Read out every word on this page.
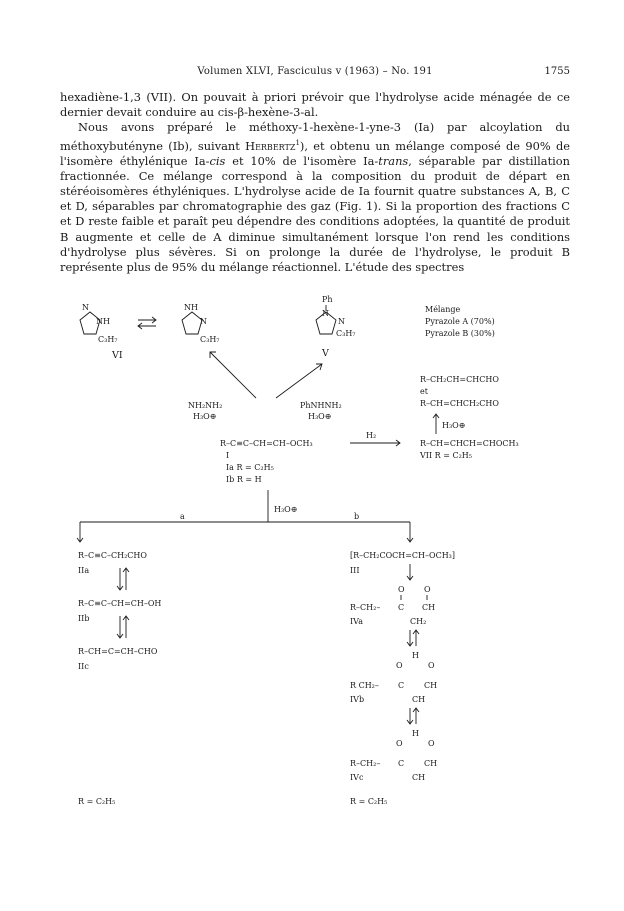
Volumen XLVI, Fasciculus v (1963) – No. 191	1755

hexadiène-1,3 (VII). On pouvait à priori prévoir que l'hydrolyse acide ménagée de ce dernier devait conduire au cis-β-hexène-3-al.

Nous avons préparé le méthoxy-1-hexène-1-yne-3 (Ia) par alcoylation du méthoxybutényne (Ib), suivant Herbertz$^1$), et obtenu un mélange composé de 90% de l'isomère éthylénique Ia-cis et 10% de l'isomère Ia-trans, séparable par distillation fractionnée. Ce mélange correspond à la composition du produit de départ en stéréoisomères éthyléniques. L'hydrolyse acide de Ia fournit quatre substances A, B, C et D, séparables par chromatographie des gaz (Fig. 1). Si la proportion des fractions C et D reste faible et paraît peu dépendre des conditions adoptées, la quantité de produit B augmente et celle de A diminue simultanément lorsque l'on rend les conditions d'hydrolyse plus sévères. Si on prolonge la durée de l'hydrolyse, le produit B représente plus de 95% du mélange réactionnel. L'étude des spectres

N
NH
C₃H₇
VI
NH
N
C₃H₇
Ph
N
N
C₃H₇
V
Mélange
Pyrazole A (70%)
Pyrazole B (30%)
NH₂NH₂
H₃O⊕
PhNHNH₂
H₃O⊕
R–CH₂CH=CHCHO
et
R–CH=CHCH₂CHO
H₃O⊕
R–C≡C–CH=CH–OCH₃
I
Ia R = C₂H₅
Ib R = H
H₂
R–CH=CHCH=CHOCH₃
VII R = C₂H₅
H₃O⊕
a	b
R–C≡C–CH₂CHO
IIa
R–C≡C–CH=CH–OH
IIb
R–CH=C=CH–CHO
IIc
[R–CH₂COCH=CH–OCH₃]
III
O O
R–CH₂– C CH
CH₂
IVa
H
O	O
R CH₂– C CH
CH
IVb
H
O	O
R–CH₂– C CH
CH
IVc
R = C₂H₅	R = C₂H₅
